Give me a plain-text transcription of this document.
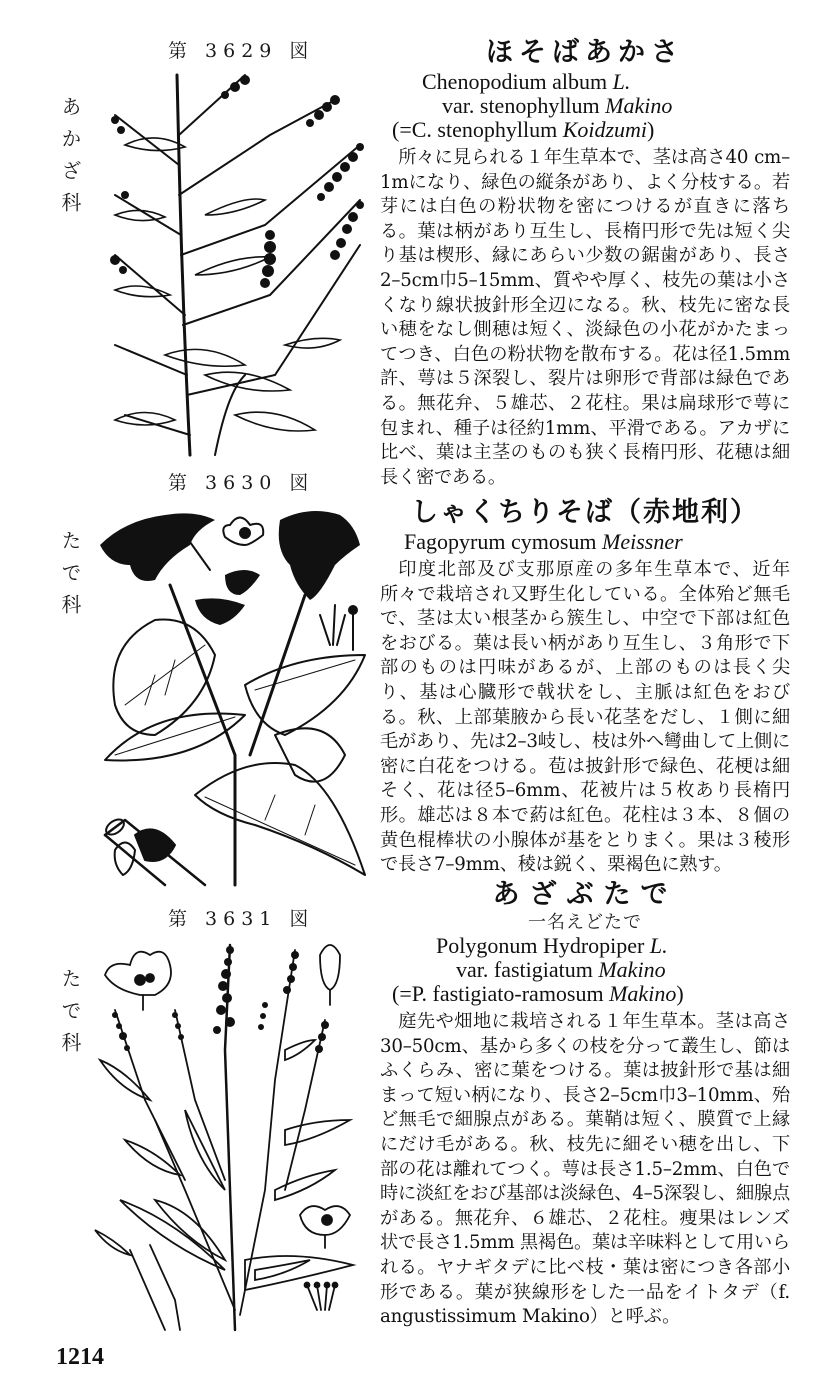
第 3629 図
あかざ科
ほそばあかさ
Chenopodium album L.
var. stenophyllum Makino
(=C. stenophyllum Koidzumi)

所々に見られる１年生草本で、茎は高さ40 cm–1mになり、緑色の縦条があり、よく分枝する。若芽には白色の粉状物を密につけるが直きに落ちる。葉は柄があり互生し、長楕円形で先は短く尖り基は楔形、縁にあらい少数の鋸歯があり、長さ2–5cm巾5–15mm、質やや厚く、枝先の葉は小さくなり線状披針形全辺になる。秋、枝先に密な長い穂をなし側穂は短く、淡緑色の小花がかたまってつき、白色の粉状物を散布する。花は径1.5mm許、萼は５深裂し、裂片は卵形で背部は緑色である。無花弁、５雄芯、２花柱。果は扁球形で萼に包まれ、種子は径約1mm、平滑である。アカザに比べ、葉は主茎のものも狭く長楕円形、花穂は細長く密である。

第 3630 図
たで科
しゃくちりそば（赤地利）
Fagopyrum cymosum Meissner

印度北部及び支那原産の多年生草本で、近年所々で栽培され又野生化している。全体殆ど無毛で、茎は太い根茎から簇生し、中空で下部は紅色をおびる。葉は長い柄があり互生し、３角形で下部のものは円味があるが、上部のものは長く尖り、基は心臓形で戟状をし、主脈は紅色をおびる。秋、上部葉腋から長い花茎をだし、１側に細毛があり、先は2–3岐し、枝は外へ彎曲して上側に密に白花をつける。苞は披針形で緑色、花梗は細そく、花は径5–6mm、花被片は５枚あり長楕円形。雄芯は８本で葯は紅色。花柱は３本、８個の黄色棍棒状の小腺体が基をとりまく。果は３稜形で長さ7–9mm、稜は鋭く、栗褐色に熟す。

第 3631 図
たで科
あざぶたで
一名えどたで
Polygonum Hydropiper L.
var. fastigiatum Makino
(=P. fastigiato-ramosum Makino)

庭先や畑地に栽培される１年生草本。茎は高さ30–50cm、基から多くの枝を分って叢生し、節はふくらみ、密に葉をつける。葉は披針形で基は細まって短い柄になり、長さ2–5cm巾3–10mm、殆ど無毛で細腺点がある。葉鞘は短く、膜質で上縁にだけ毛がある。秋、枝先に細そい穂を出し、下部の花は離れてつく。萼は長さ1.5–2mm、白色で時に淡紅をおび基部は淡緑色、4–5深裂し、細腺点がある。無花弁、６雄芯、２花柱。痩果はレンズ状で長さ1.5mm 黒褐色。葉は辛味料として用いられる。ヤナギタデに比べ枝・葉は密につき各部小形である。葉が狭線形をした一品をイトタデ（f. angustissimum Makino）と呼ぶ。

1214
